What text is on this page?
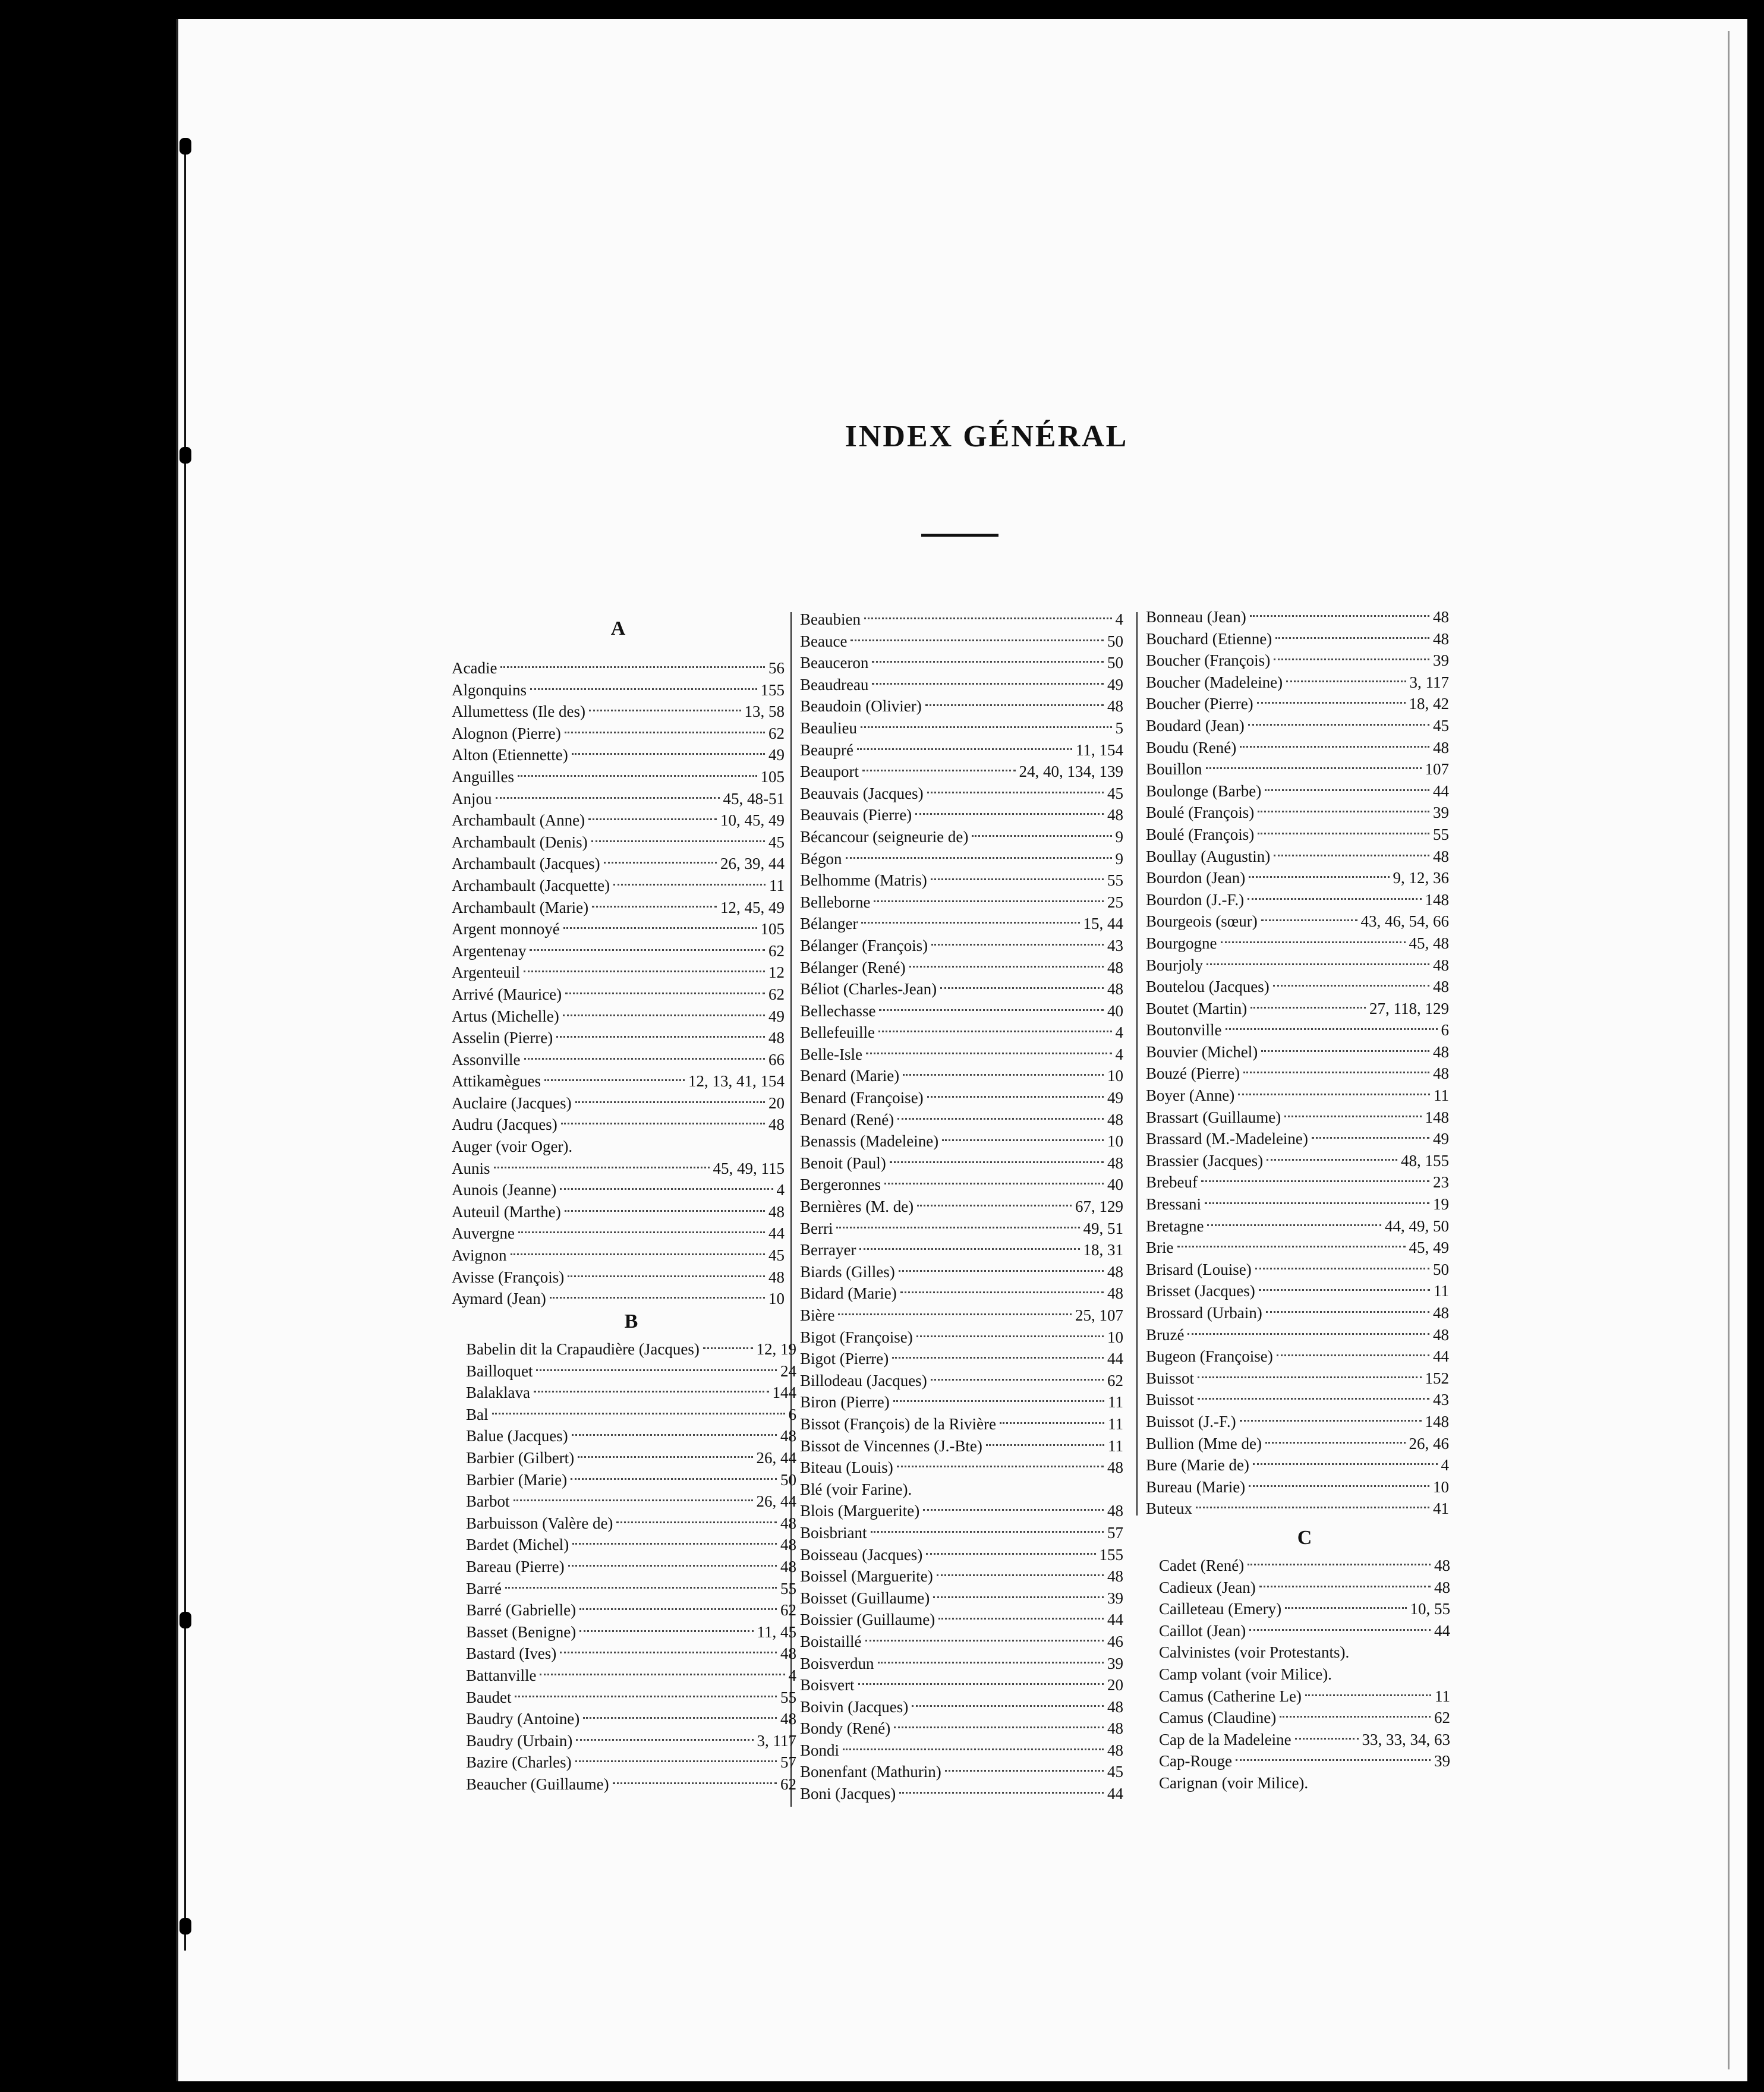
INDEX GÉNÉRAL
A
Acadie	56
Algonquins	155
Allumettess (Ile des)	13, 58
Alognon (Pierre)	62
Alton (Etiennette)	49
Anguilles	105
Anjou	45, 48-51
Archambault (Anne)	10, 45, 49
Archambault (Denis)	45
Archambault (Jacques)	26, 39, 44
Archambault (Jacquette)	11
Archambault (Marie)	12, 45, 49
Argent monnoyé	105
Argentenay	62
Argenteuil	12
Arrivé (Maurice)	62
Artus (Michelle)	49
Asselin (Pierre)	48
Assonville	66
Attikamègues	12, 13, 41, 154
Auclaire (Jacques)	20
Audru (Jacques)	48
Auger (voir Oger).
Aunis	45, 49, 115
Aunois (Jeanne)	4
Auteuil (Marthe)	48
Auvergne	44
Avignon	45
Avisse (François)	48
Aymard (Jean)	10
B
Babelin dit la Crapaudière (Jacques)	12, 19
Bailloquet	24
Balaklava	144
Bal	6
Balue (Jacques)	48
Barbier (Gilbert)	26, 44
Barbier (Marie)	50
Barbot	26, 44
Barbuisson (Valère de)	48
Bardet (Michel)	48
Bareau (Pierre)	48
Barré	55
Barré (Gabrielle)	62
Basset (Benigne)	11, 45
Bastard (Ives)	48
Battanville	4
Baudet	55
Baudry (Antoine)	48
Baudry (Urbain)	3, 117
Bazire (Charles)	57
Beaucher (Guillaume)	62
Beaubien	4
Beauce	50
Beauceron	50
Beaudreau	49
Beaudoin (Olivier)	48
Beaulieu	5
Beaupré	11, 154
Beauport	24, 40, 134, 139
Beauvais (Jacques)	45
Beauvais (Pierre)	48
Bécancour (seigneurie de)	9
Bégon	9
Belhomme (Matris)	55
Belleborne	25
Bélanger	15, 44
Bélanger (François)	43
Bélanger (René)	48
Béliot (Charles-Jean)	48
Bellechasse	40
Bellefeuille	4
Belle-Isle	4
Benard (Marie)	10
Benard (Françoise)	49
Benard (René)	48
Benassis (Madeleine)	10
Benoit (Paul)	48
Bergeronnes	40
Bernières (M. de)	67, 129
Berri	49, 51
Berrayer	18, 31
Biards (Gilles)	48
Bidard (Marie)	48
Bière	25, 107
Bigot (Françoise)	10
Bigot (Pierre)	44
Billodeau (Jacques)	62
Biron (Pierre)	11
Bissot (François) de la Rivière	11
Bissot de Vincennes (J.-Bte)	11
Biteau (Louis)	48
Blé (voir Farine).
Blois (Marguerite)	48
Boisbriant	57
Boisseau (Jacques)	155
Boissel (Marguerite)	48
Boisset (Guillaume)	39
Boissier (Guillaume)	44
Boistaillé	46
Boisverdun	39
Boisvert	20
Boivin (Jacques)	48
Bondy (René)	48
Bondi	48
Bonenfant (Mathurin)	45
Boni (Jacques)	44
Bonneau (Jean)	48
Bouchard (Etienne)	48
Boucher (François)	39
Boucher (Madeleine)	3, 117
Boucher (Pierre)	18, 42
Boudard (Jean)	45
Boudu (René)	48
Bouillon	107
Boulonge (Barbe)	44
Boulé (François)	39
Boulé (François)	55
Boullay (Augustin)	48
Bourdon (Jean)	9, 12, 36
Bourdon (J.-F.)	148
Bourgeois (sœur)	43, 46, 54, 66
Bourgogne	45, 48
Bourjoly	48
Boutelou (Jacques)	48
Boutet (Martin)	27, 118, 129
Boutonville	6
Bouvier (Michel)	48
Bouzé (Pierre)	48
Boyer (Anne)	11
Brassart (Guillaume)	148
Brassard (M.-Madeleine)	49
Brassier (Jacques)	48, 155
Brebeuf	23
Bressani	19
Bretagne	44, 49, 50
Brie	45, 49
Brisard (Louise)	50
Brisset (Jacques)	11
Brossard (Urbain)	48
Bruzé	48
Bugeon (Françoise)	44
Buissot	152
Buissot	43
Buissot (J.-F.)	148
Bullion (Mme de)	26, 46
Bure (Marie de)	4
Bureau (Marie)	10
Buteux	41
C
Cadet (René)	48
Cadieux (Jean)	48
Cailleteau (Emery)	10, 55
Caillot (Jean)	44
Calvinistes (voir Protestants).
Camp volant (voir Milice).
Camus (Catherine Le)	11
Camus (Claudine)	62
Cap de la Madeleine	33, 33, 34, 63
Cap-Rouge	39
Carignan (voir Milice).
